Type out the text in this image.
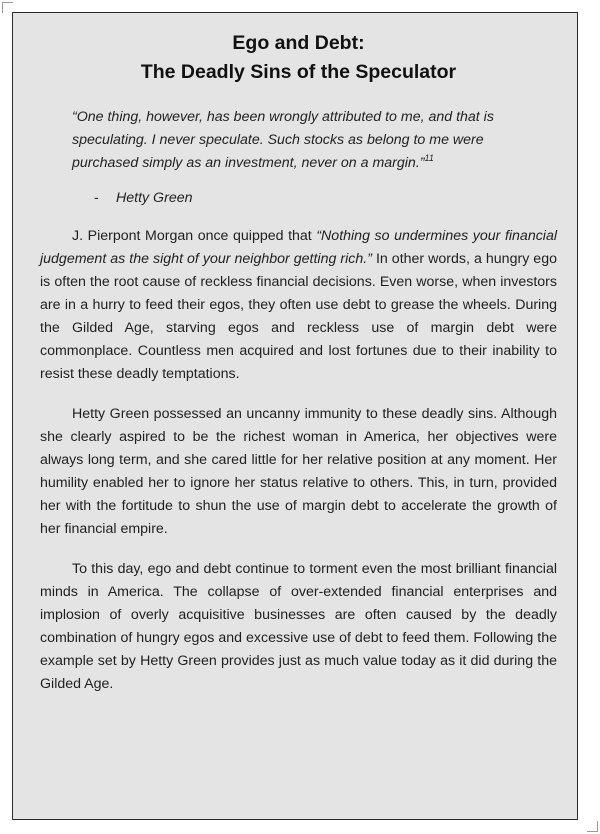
Ego and Debt:
The Deadly Sins of the Speculator

“One thing, however, has been wrongly attributed to me, and that is speculating. I never speculate. Such stocks as belong to me were purchased simply as an investment, never on a margin.”$^{11}$

- Hetty Green

J. Pierpont Morgan once quipped that “Nothing so undermines your financial judgement as the sight of your neighbor getting rich.” In other words, a hungry ego is often the root cause of reckless financial decisions. Even worse, when investors are in a hurry to feed their egos, they often use debt to grease the wheels. During the Gilded Age, starving egos and reckless use of margin debt were commonplace. Countless men acquired and lost fortunes due to their inability to resist these deadly temptations.

Hetty Green possessed an uncanny immunity to these deadly sins. Although she clearly aspired to be the richest woman in America, her objectives were always long term, and she cared little for her relative position at any moment. Her humility enabled her to ignore her status relative to others. This, in turn, provided her with the fortitude to shun the use of margin debt to accelerate the growth of her financial empire.

To this day, ego and debt continue to torment even the most brilliant financial minds in America. The collapse of over-extended financial enterprises and implosion of overly acquisitive businesses are often caused by the deadly combination of hungry egos and excessive use of debt to feed them. Following the example set by Hetty Green provides just as much value today as it did during the Gilded Age.
